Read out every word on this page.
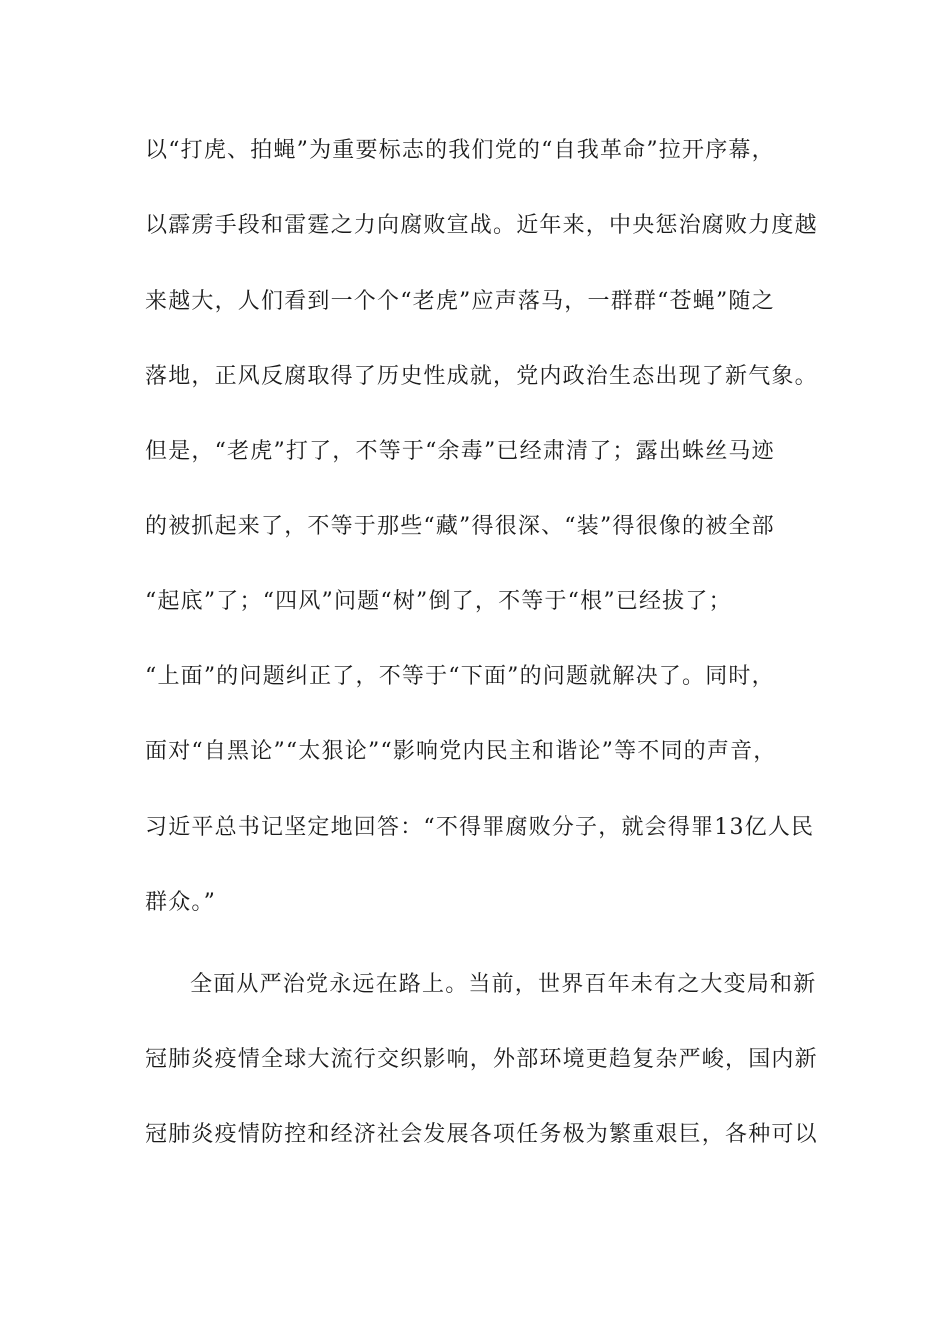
以“打虎、拍蝇”为重要标志的我们党的“自我革命”拉开序幕，
以霹雳手段和雷霆之力向腐败宣战。近年来，中央惩治腐败力度越
来越大，人们看到一个个“老虎”应声落马，一群群“苍蝇”随之
落地，正风反腐取得了历史性成就，党内政治生态出现了新气象。
但是，“老虎”打了，不等于“余毒”已经肃清了；露出蛛丝马迹
的被抓起来了，不等于那些“藏”得很深、“装”得很像的被全部
“起底”了；“四风”问题“树”倒了，不等于“根”已经拔了；
“上面”的问题纠正了，不等于“下面”的问题就解决了。同时，
面对“自黑论”“太狠论”“影响党内民主和谐论”等不同的声音，
习近平总书记坚定地回答：“不得罪腐败分子，就会得罪13亿人民
群众。”
全面从严治党永远在路上。当前，世界百年未有之大变局和新
冠肺炎疫情全球大流行交织影响，外部环境更趋复杂严峻，国内新
冠肺炎疫情防控和经济社会发展各项任务极为繁重艰巨，各种可以
